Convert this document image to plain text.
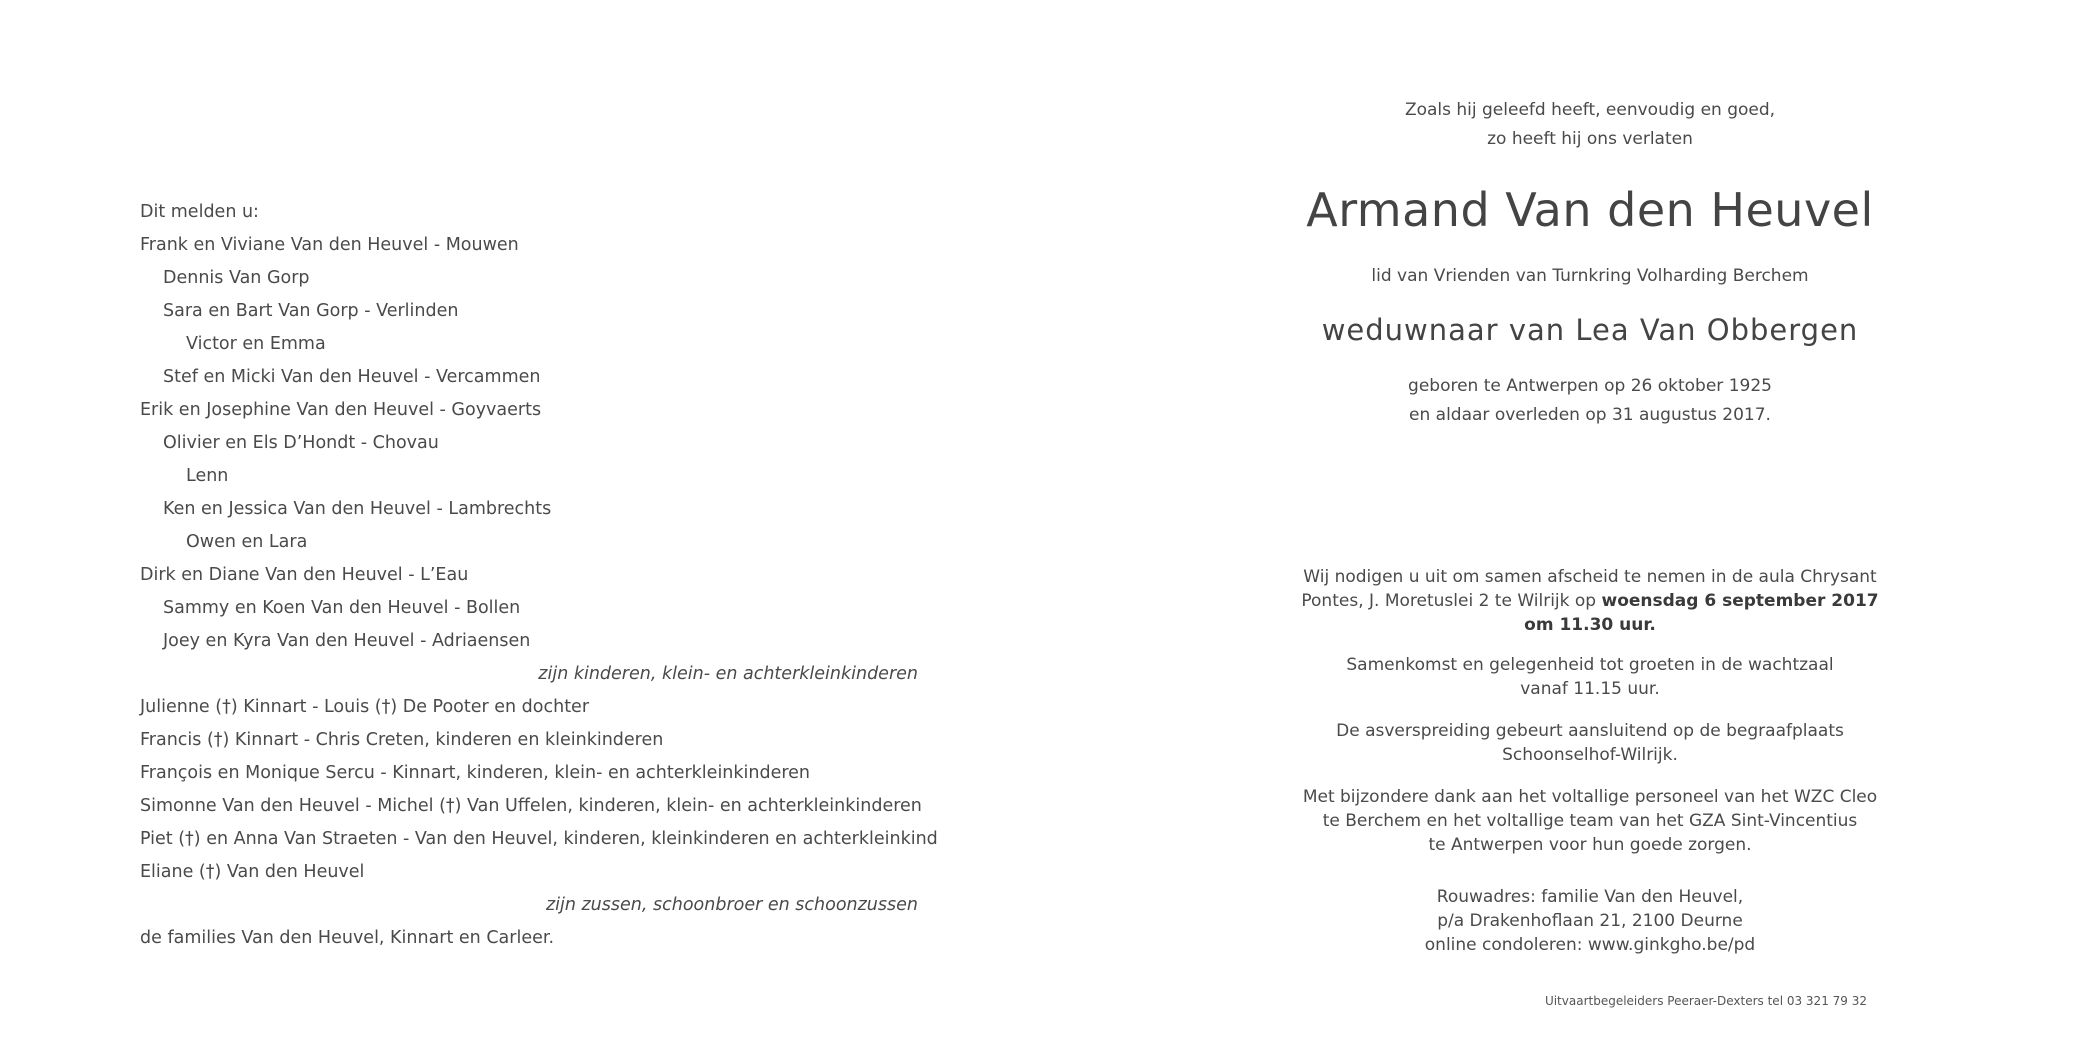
Dit melden u:
Frank en Viviane Van den Heuvel - Mouwen
Dennis Van Gorp
Sara en Bart Van Gorp - Verlinden
Victor en Emma
Stef en Micki Van den Heuvel - Vercammen
Erik en Josephine Van den Heuvel - Goyvaerts
Olivier en Els D’Hondt - Chovau
Lenn
Ken en Jessica Van den Heuvel - Lambrechts
Owen en Lara
Dirk en Diane Van den Heuvel - L’Eau
Sammy en Koen Van den Heuvel - Bollen
Joey en Kyra Van den Heuvel - Adriaensen
zijn kinderen, klein- en achterkleinkinderen
Julienne (†) Kinnart - Louis (†) De Pooter en dochter
Francis (†) Kinnart - Chris Creten, kinderen en kleinkinderen
François en Monique Sercu - Kinnart, kinderen, klein- en achterkleinkinderen
Simonne Van den Heuvel - Michel (†) Van Uffelen, kinderen, klein- en achterkleinkinderen
Piet (†) en Anna Van Straeten - Van den Heuvel, kinderen, kleinkinderen en achterkleinkind
Eliane (†) Van den Heuvel
zijn zussen, schoonbroer en schoonzussen
de families Van den Heuvel, Kinnart en Carleer.
Zoals hij geleefd heeft, eenvoudig en goed,
zo heeft hij ons verlaten
Armand Van den Heuvel
lid van Vrienden van Turnkring Volharding Berchem
weduwnaar van Lea Van Obbergen
geboren te Antwerpen op 26 oktober 1925
en aldaar overleden op 31 augustus 2017.
Wij nodigen u uit om samen afscheid te nemen in de aula Chrysant
Pontes, J. Moretuslei 2 te Wilrijk op woensdag 6 september 2017
om 11.30 uur.
Samenkomst en gelegenheid tot groeten in de wachtzaal
vanaf 11.15 uur.
De asverspreiding gebeurt aansluitend op de begraafplaats
Schoonselhof-Wilrijk.
Met bijzondere dank aan het voltallige personeel van het WZC Cleo
te Berchem en het voltallige team van het GZA Sint-Vincentius
te Antwerpen voor hun goede zorgen.
Rouwadres: familie Van den Heuvel,
p/a Drakenhoflaan 21, 2100 Deurne
online condoleren: www.ginkgho.be/pd
Uitvaartbegeleiders Peeraer-Dexters tel 03 321 79 32
